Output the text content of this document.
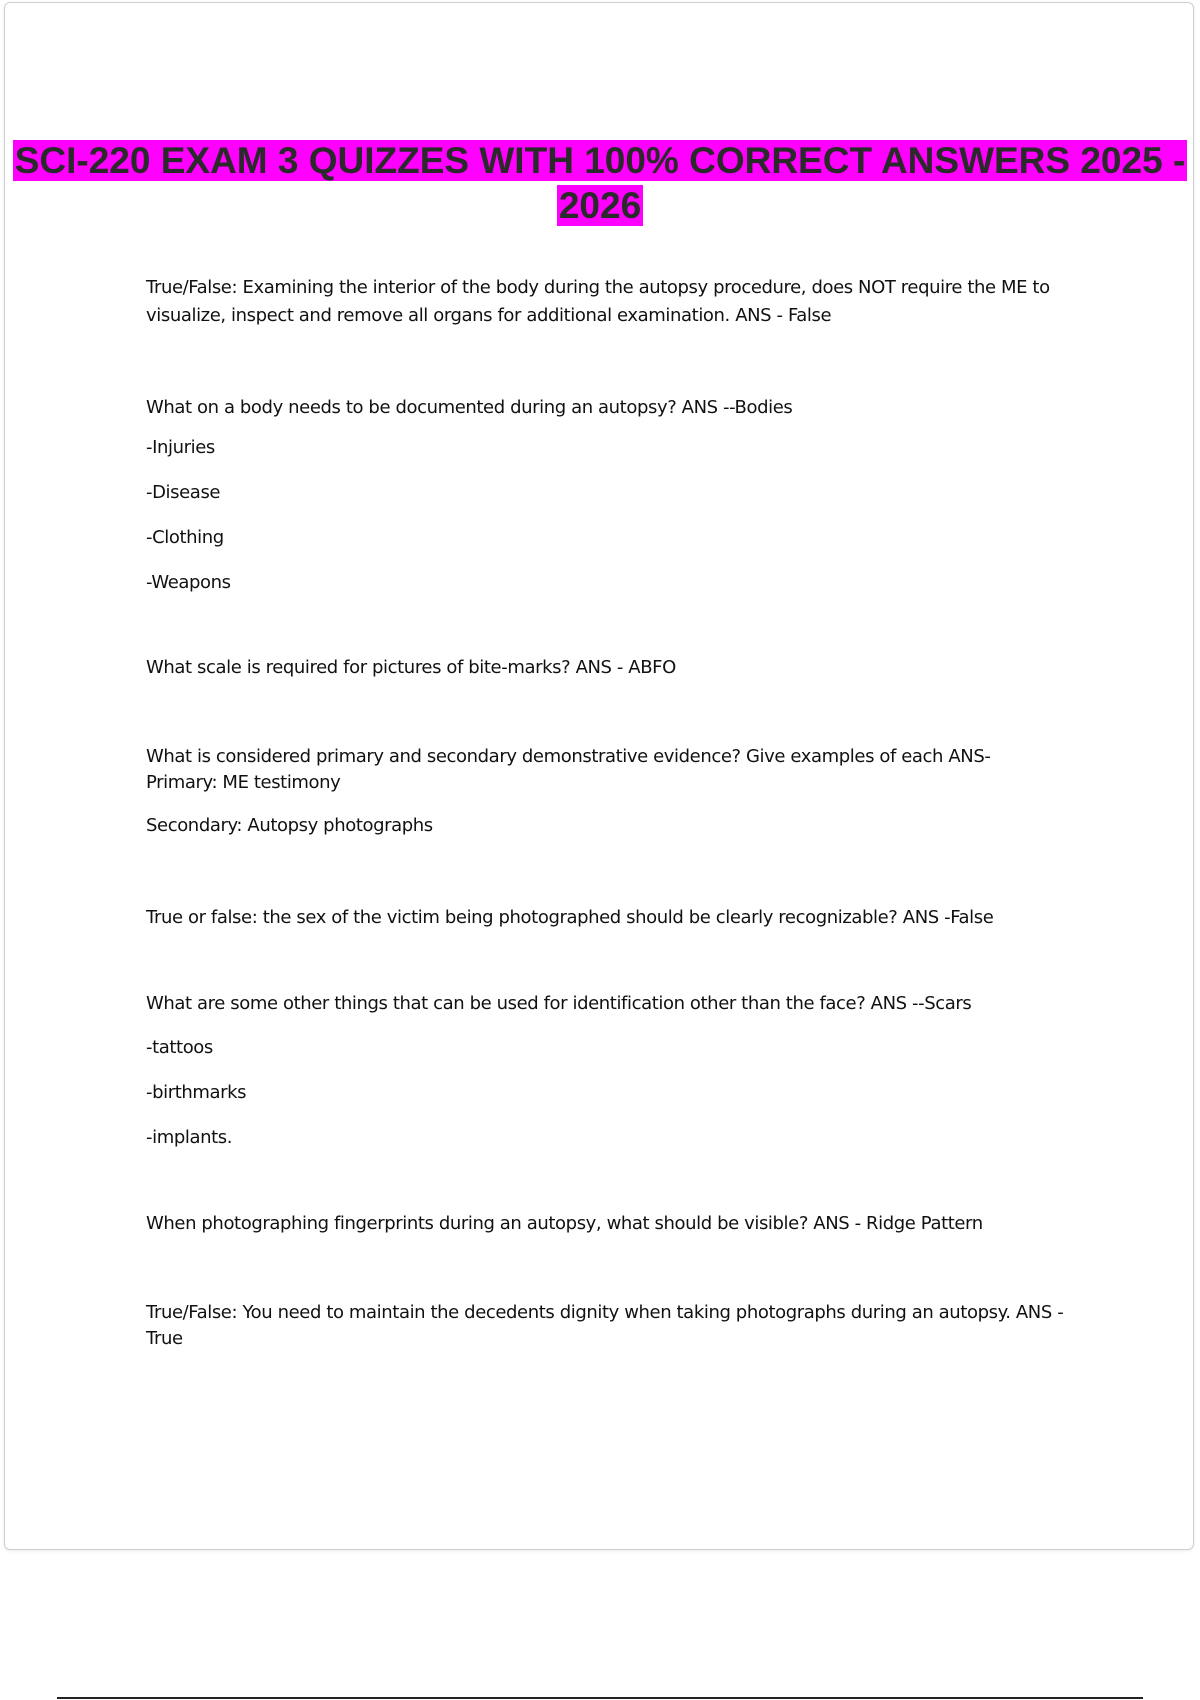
SCI-220 EXAM 3 QUIZZES WITH 100% CORRECT ANSWERS 2025 - 2026

True/False: Examining the interior of the body during the autopsy procedure, does NOT require the ME to visualize, inspect and remove all organs for additional examination. ANS - False

What on a body needs to be documented during an autopsy? ANS --Bodies

-Injuries

-Disease

-Clothing

-Weapons

What scale is required for pictures of bite-marks? ANS - ABFO

What is considered primary and secondary demonstrative evidence? Give examples of each ANS- Primary: ME testimony

Secondary: Autopsy photographs

True or false: the sex of the victim being photographed should be clearly recognizable? ANS -False

What are some other things that can be used for identification other than the face? ANS --Scars

-tattoos

-birthmarks

-implants.

When photographing fingerprints during an autopsy, what should be visible? ANS - Ridge Pattern

True/False: You need to maintain the decedents dignity when taking photographs during an autopsy. ANS - True
